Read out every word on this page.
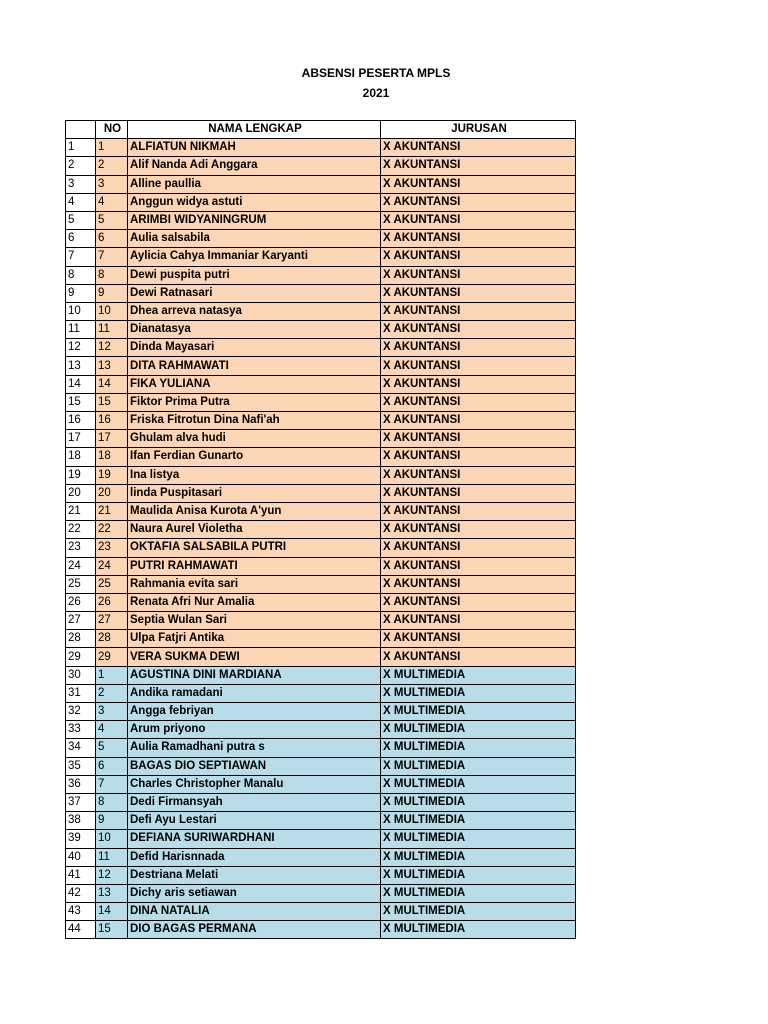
ABSENSI PESERTA MPLS
2021
	NO	NAMA LENGKAP	JURUSAN
1	1	ALFIATUN NIKMAH	X AKUNTANSI
2	2	Alif Nanda Adi Anggara	X AKUNTANSI
3	3	Alline paullia	X AKUNTANSI
4	4	Anggun widya astuti	X AKUNTANSI
5	5	ARIMBI WIDYANINGRUM	X AKUNTANSI
6	6	Aulia salsabila	X AKUNTANSI
7	7	Aylicia Cahya Immaniar Karyanti	X AKUNTANSI
8	8	Dewi puspita putri	X AKUNTANSI
9	9	Dewi Ratnasari	X AKUNTANSI
10	10	Dhea arreva natasya	X AKUNTANSI
11	11	Dianatasya	X AKUNTANSI
12	12	Dinda Mayasari	X AKUNTANSI
13	13	DITA RAHMAWATI	X AKUNTANSI
14	14	FIKA YULIANA	X AKUNTANSI
15	15	Fiktor Prima Putra	X AKUNTANSI
16	16	Friska Fitrotun Dina Nafi'ah	X AKUNTANSI
17	17	Ghulam alva hudi	X AKUNTANSI
18	18	Ifan Ferdian Gunarto	X AKUNTANSI
19	19	Ina listya	X AKUNTANSI
20	20	linda Puspitasari	X AKUNTANSI
21	21	Maulida Anisa Kurota A'yun	X AKUNTANSI
22	22	Naura Aurel Violetha	X AKUNTANSI
23	23	OKTAFIA SALSABILA PUTRI	X AKUNTANSI
24	24	PUTRI RAHMAWATI	X AKUNTANSI
25	25	Rahmania evita sari	X AKUNTANSI
26	26	Renata Afri Nur Amalia	X AKUNTANSI
27	27	Septia Wulan Sari	X AKUNTANSI
28	28	Ulpa Fatjri Antika	X AKUNTANSI
29	29	VERA SUKMA DEWI	X AKUNTANSI
30	1	AGUSTINA DINI MARDIANA	X MULTIMEDIA
31	2	Andika ramadani	X MULTIMEDIA
32	3	Angga febriyan	X MULTIMEDIA
33	4	Arum priyono	X MULTIMEDIA
34	5	Aulia Ramadhani putra s	X MULTIMEDIA
35	6	BAGAS DIO SEPTIAWAN	X MULTIMEDIA
36	7	Charles Christopher Manalu	X MULTIMEDIA
37	8	Dedi Firmansyah	X MULTIMEDIA
38	9	Defi Ayu Lestari	X MULTIMEDIA
39	10	DEFIANA SURIWARDHANI	X MULTIMEDIA
40	11	Defid Harisnnada	X MULTIMEDIA
41	12	Destriana Melati	X MULTIMEDIA
42	13	Dichy aris setiawan	X MULTIMEDIA
43	14	DINA NATALIA	X MULTIMEDIA
44	15	DIO BAGAS PERMANA	X MULTIMEDIA
